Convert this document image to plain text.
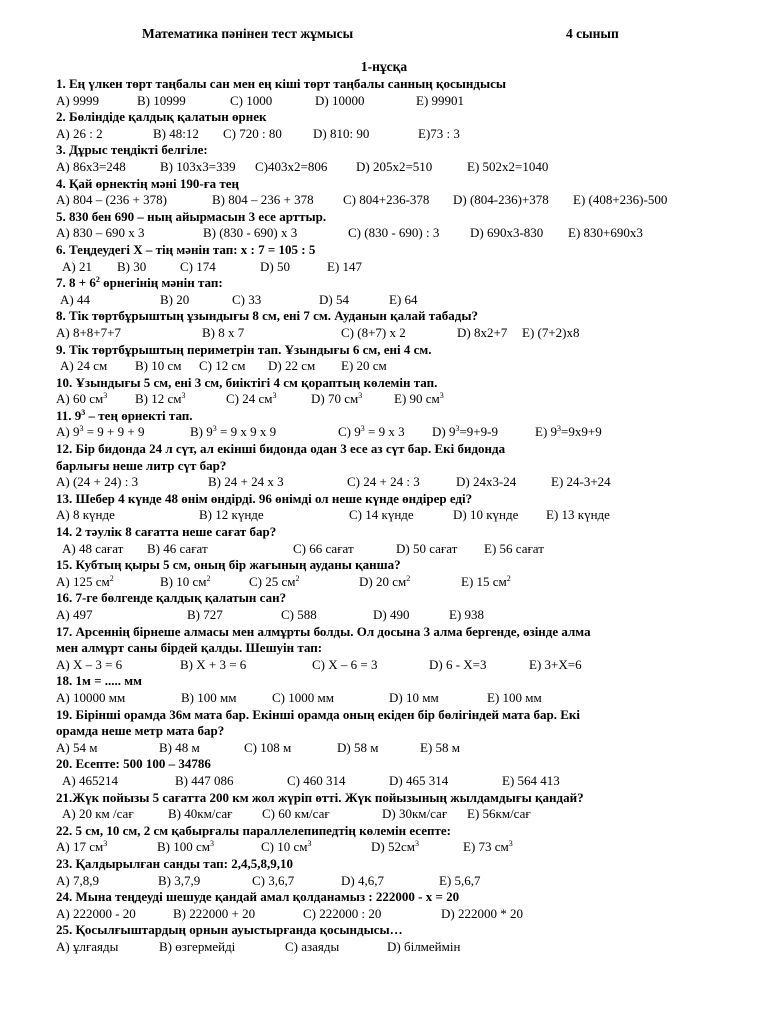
Математика пәнінен тест жұмысы	4 сынып
1-нұсқа
1. Ең үлкен төрт таңбалы сан мен ең кіші төрт таңбалы санның қосындысы
А) 9999	В) 10999	С) 1000	D) 10000	E) 99901
2. Бөлiндiде қалдық қалатын өрнек
А) 26 : 2	В) 48:12 С) 720 : 80 D) 810: 90	E)73 : 3
3. Дұрыс теңдiктi белгiле:
А) 86х3=248	В) 103х3=339 С)403х2=806 D) 205х2=510	E) 502х2=1040
4. Қай өрнектiң мәнi 190-ға тең
А) 804 – (236 + 378)	В) 804 – 236 + 378 С) 804+236-378 D) (804-236)+378 E) (408+236)-500
5. 830 бен 690 – ның айырмасын 3 есе арттыр.
А) 830 – 690 х 3	В) (830 - 690) х 3	С) (830 - 690) : 3 D) 690х3-830 E) 830+690х3
6. Теңдеудегi Х – тiң мәнiн тап: х : 7 = 105 : 5
А) 21 В) 30	С) 174	D) 50	E) 147
7. $8 + 6^2$ өрнегiнiң мәнiн тап:
А) 44	В) 20	С) 33	D) 54	E) 64
8. Тiк төртбұрыштың ұзындығы 8 см, енi 7 см. Ауданын қалай табады?
А) 8+8+7+7	В) 8 х 7	С) (8+7) х 2	D) 8х2+7 E) (7+2)х8
9. Тiк төртбұрыштың периметрiн тап. Ұзындығы 6 см, енi 4 см.
А) 24 см В) 10 см С) 12 см D) 22 см E) 20 см
10. Ұзындығы 5 см, енi 3 см, биiктiгi 4 см қораптың көлемiн тап.
А) 60 $см^3$ В) 12 $см^3$	С) 24 $см^3$	D) 70 $см^3$ E) 90 $см^3$
11. $9^3$ – тең өрнектi тап.
А) $9^3 = 9 + 9 + 9$	В) $9^3 = 9$ х 9 х 9	С) $9^3 = 9$ х 3 D) $9^3=9+9-9$	E) $9^3=9х9+9$
12. Бiр бидонда 24 л сүт, ал екiншi бидонда одан 3 есе аз сүт бар. Екi бидонда
барлығы неше литр сүт бар?
А) (24 + 24) : 3	В) 24 + 24 х 3	С) 24 + 24 : 3	D) 24х3-24	E) 24-3+24
13. Шебер 4 күнде 48 өнiм өндiрдi. 96 өнiмдi ол неше күнде өндiрер едi?
А) 8 күнде	В) 12 күнде	С) 14 күнде	D) 10 күнде E) 13 күнде
14. 2 тәулiк 8 сағатта неше сағат бар?
А) 48 сағат В) 46 сағат	С) 66 сағат	D) 50 сағат E) 56 сағат
15. Кубтың қыры 5 см, оның бiр жағының ауданы қанша?
А) 125 $см^2$	В) 10 $см^2$	С) 25 $см^2$	D) 20 $см^2$	E) 15 $см^2$
16. 7-ге бөлгенде қалдық қалатын сан?
А) 497	В) 727	С) 588	D) 490	E) 938
17. Арсеннiң бiрнеше алмасы мен алмұрты болды. Ол досына 3 алма бергенде, өзiнде алма
мен алмұрт саны бiрдей қалды. Шешуiн тап:
А) Х – 3 = 6	В) Х + 3 = 6	С) Х – 6 = 3	D) 6 - Х=3	E) 3+Х=6
18. 1м = ..... мм
А) 10000 мм	В) 100 мм	С) 1000 мм	D) 10 мм	E) 100 мм
19. Бiрiншi орамда 36м мата бар. Екiншi орамда оның екiден бiр бөлiгiндей мата бар. Екi
орамда неше метр мата бар?
А) 54 м	В) 48 м	С) 108 м	D) 58 м	E) 58 м
20. Есепте: 500 100 – 34786
А) 465214	В) 447 086	С) 460 314	D) 465 314	E) 564 413
21.Жүк пойызы 5 сағатта 200 км жол жүрiп өттi. Жүк пойызының жылдамдығы қандай?
А) 20 км /сағ	В) 40км/сағ С) 60 км/сағ	D) 30км/сағ E) 56км/сағ
22. 5 см, 10 см, 2 см қабырғалы параллелепипедтiң көлемiн есепте:
А) 17 $см^3$	В) 100 $см^3$	С) 10 $см^3$	D) $52см^3$	E) 73 $см^3$
23. Қалдырылған санды тап: 2,4,5,8,9,10
А) 7,8,9	В) 3,7,9	С) 3,6,7	D) 4,6,7	E) 5,6,7
24. Мына теңдеудi шешуде қандай амал қолданамыз : 222000 - х = 20
А) 222000 - 20	В) 222000 + 20	С) 222000 : 20	D) 222000 * 20
25. Қосылғыштардың орнын ауыстырғанда қосындысы…
А) ұлғаяды	В) өзгермейдi	С) азаяды	D) бiлмеймiн
